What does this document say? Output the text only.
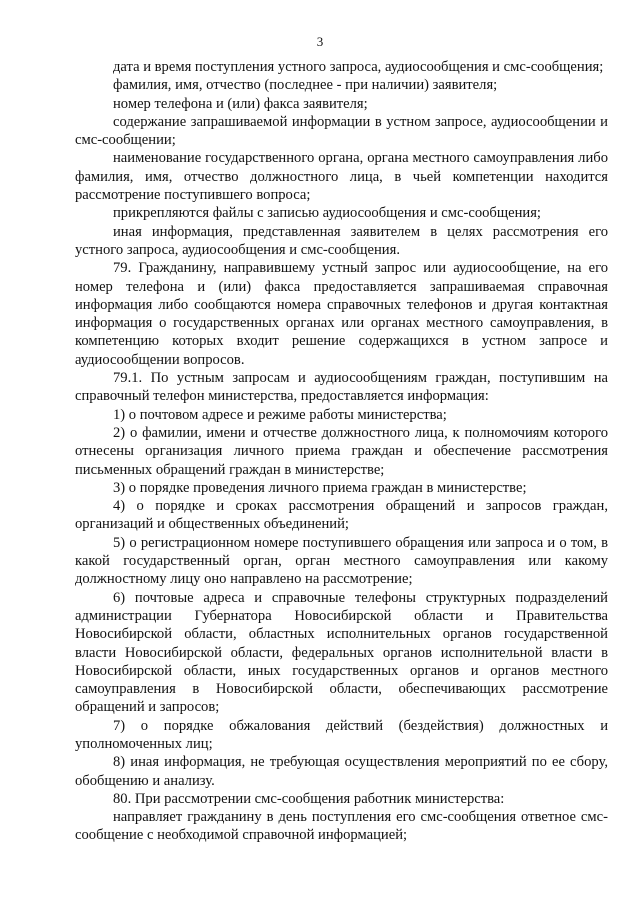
3

дата и время поступления устного запроса, аудиосообщения и смс-сообщения;

фамилия, имя, отчество (последнее - при наличии) заявителя;

номер телефона и (или) факса заявителя;

содержание запрашиваемой информации в устном запросе, аудиосообщении и смс-сообщении;

наименование государственного органа, органа местного самоуправления либо фамилия, имя, отчество должностного лица, в чьей компетенции находится рассмотрение поступившего вопроса;

прикрепляются файлы с записью аудиосообщения и смс-сообщения;

иная информация, представленная заявителем в целях рассмотрения его устного запроса, аудиосообщения и смс-сообщения.

79. Гражданину, направившему устный запрос или аудиосообщение, на его номер телефона и (или) факса предоставляется запрашиваемая справочная информация либо сообщаются номера справочных телефонов и другая контактная информация о государственных органах или органах местного самоуправления, в компетенцию которых входит решение содержащихся в устном запросе и аудиосообщении вопросов.

79.1. По устным запросам и аудиосообщениям граждан, поступившим на справочный телефон министерства, предоставляется информация:

1) о почтовом адресе и режиме работы министерства;

2) о фамилии, имени и отчестве должностного лица, к полномочиям которого отнесены организация личного приема граждан и обеспечение рассмотрения письменных обращений граждан в министерстве;

3) о порядке проведения личного приема граждан в министерстве;

4) о порядке и сроках рассмотрения обращений и запросов граждан, организаций и общественных объединений;

5) о регистрационном номере поступившего обращения или запроса и о том, в какой государственный орган, орган местного самоуправления или какому должностному лицу оно направлено на рассмотрение;

6) почтовые адреса и справочные телефоны структурных подразделений администрации Губернатора Новосибирской области и Правительства Новосибирской области, областных исполнительных органов государственной власти Новосибирской области, федеральных органов исполнительной власти в Новосибирской области, иных государственных органов и органов местного самоуправления в Новосибирской области, обеспечивающих рассмотрение обращений и запросов;

7) о порядке обжалования действий (бездействия) должностных и уполномоченных лиц;

8) иная информация, не требующая осуществления мероприятий по ее сбору, обобщению и анализу.

80. При рассмотрении смс-сообщения работник министерства:

направляет гражданину в день поступления его смс-сообщения ответное смс-сообщение с необходимой справочной информацией;
